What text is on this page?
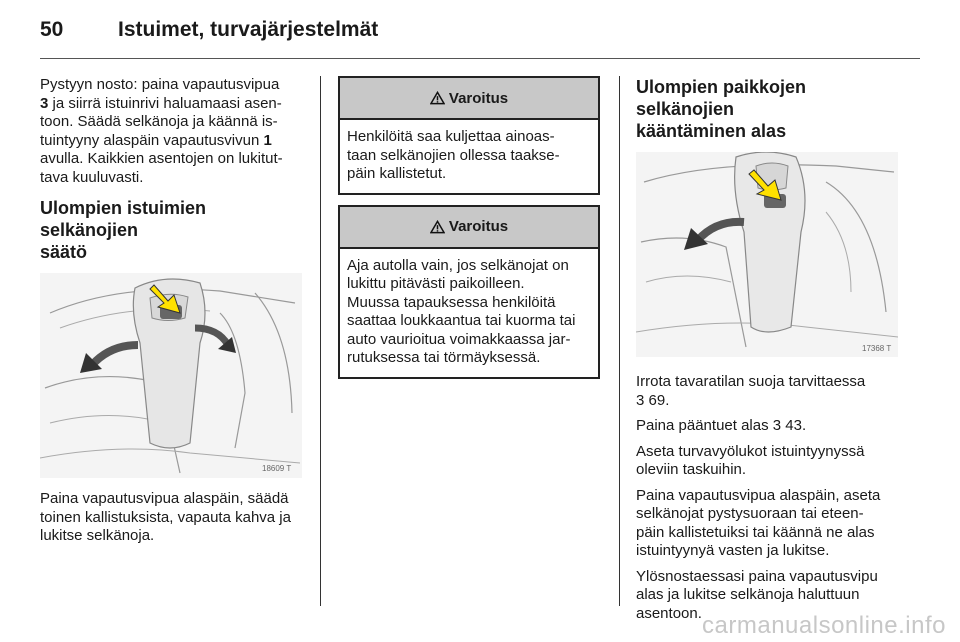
50	Istuimet, turvajärjestelmät

Pystyyn nosto: paina vapautusvipua
3 ja siirrä istuinrivi haluamaasi asen-
toon. Säädä selkänoja ja käännä is-
tuintyyny alaspäin vapautusvivun 1
avulla. Kaikkien asentojen on lukitut-
tava kuuluvasti.

Ulompien istuimien selkänojien
säätö
18609 T

Paina vapautusvipua alaspäin, säädä
toinen kallistuksista, vapauta kahva ja
lukitse selkänoja.

Varoitus
Henkilöitä saa kuljettaa ainoas-
taan selkänojien ollessa taakse-
päin kallistetut.
Varoitus
Aja autolla vain, jos selkänojat on
lukittu pitävästi paikoilleen.
Muussa tapauksessa henkilöitä
saattaa loukkaantua tai kuorma tai
auto vaurioitua voimakkaassa jar-
rutuksessa tai törmäyksessä.
Ulompien paikkojen selkänojien
kääntäminen alas
17368 T

Irrota tavaratilan suoja tarvittaessa
3 69.

Paina pääntuet alas 3 43.

Aseta turvavyölukot istuintyynyssä
oleviin taskuihin.

Paina vapautusvipua alaspäin, aseta
selkänojat pystysuoraan tai eteen-
päin kallistetuiksi tai käännä ne alas
istuintyynyä vasten ja lukitse.

Ylösnostaessasi paina vapautusvipu
alas ja lukitse selkänoja haluttuun
asentoon. carmanualsonline.info
